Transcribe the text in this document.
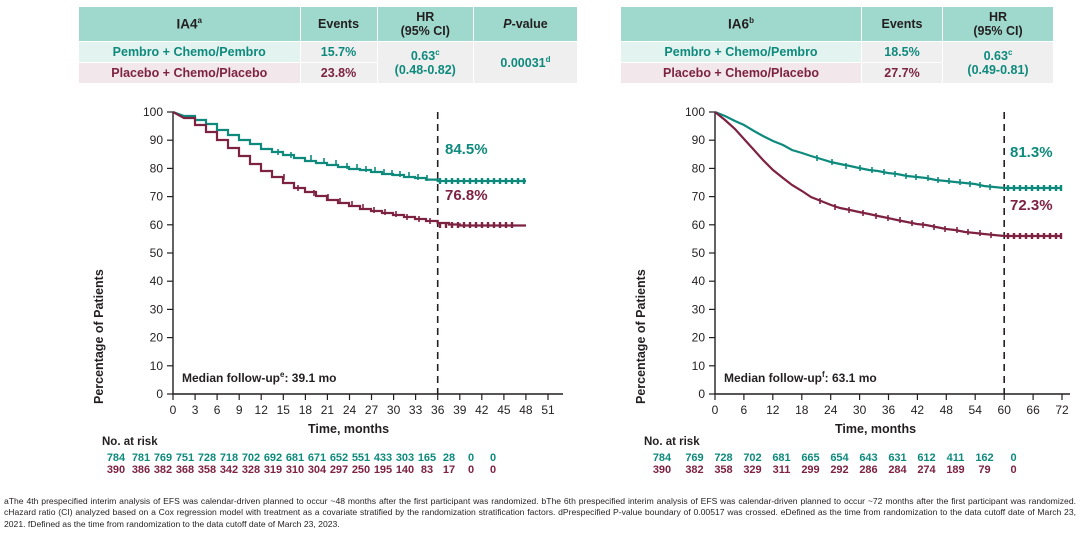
IA4$^a$	Events	HR
(95% CI)	P-value
Pembro + Chemo/Pembro	15.7%	0.63$^c$
(0.48-0.82)	0.00031$^d$
Placebo + Chemo/Placebo	23.8%		
Percentage of Patients
100
90
80
70
60
50
40
30
20
10
0
0 3 6 9 12 15 18 21 24 27 30 33 36 39 42 45 48 51
84.5%
76.8%
Median follow-$up^e$: 39.1 mo
Time, months
No. at risk
784	781	769	751	728	718	702	692	681	671	652	551	433	303	165	28	0	0
390	386	382	368	358	342	328	319	310	304	297	250	195	140	83	17	0	0
IA6$^b$	Events	HR
(95% CI)
Pembro + Chemo/Pembro	18.5%	0.63$^c$
(0.49-0.81)
Placebo + Chemo/Placebo	27.7%	
Percentage of Patients
100
90
80
70
60
50
40
30
20
10
0
0 6 12 18 24 30 36 42 48 54 60 66 72
81.3%
72.3%
Median follow-$up^f$: 63.1 mo
Time, months
No. at risk
784	769	728	702	681	665	654	643	631	612	411	162	0
390	382	358	329	311	299	292	286	284	274	189	79	0
aThe 4th prespecified interim analysis of EFS was calendar-driven planned to occur ~48 months after the first participant was randomized. bThe 6th prespecified interim analysis of EFS was calendar-driven planned to occur ~72 months after the first participant was randomized. cHazard ratio (CI) analyzed based on a Cox regression model with treatment as a covariate stratified by the randomization stratification factors. dPrespecified P-value boundary of 0.00517 was crossed. eDefined as the time from randomization to the data cutoff date of March 23, 2021. fDefined as the time from randomization to the data cutoff date of March 23, 2023.
